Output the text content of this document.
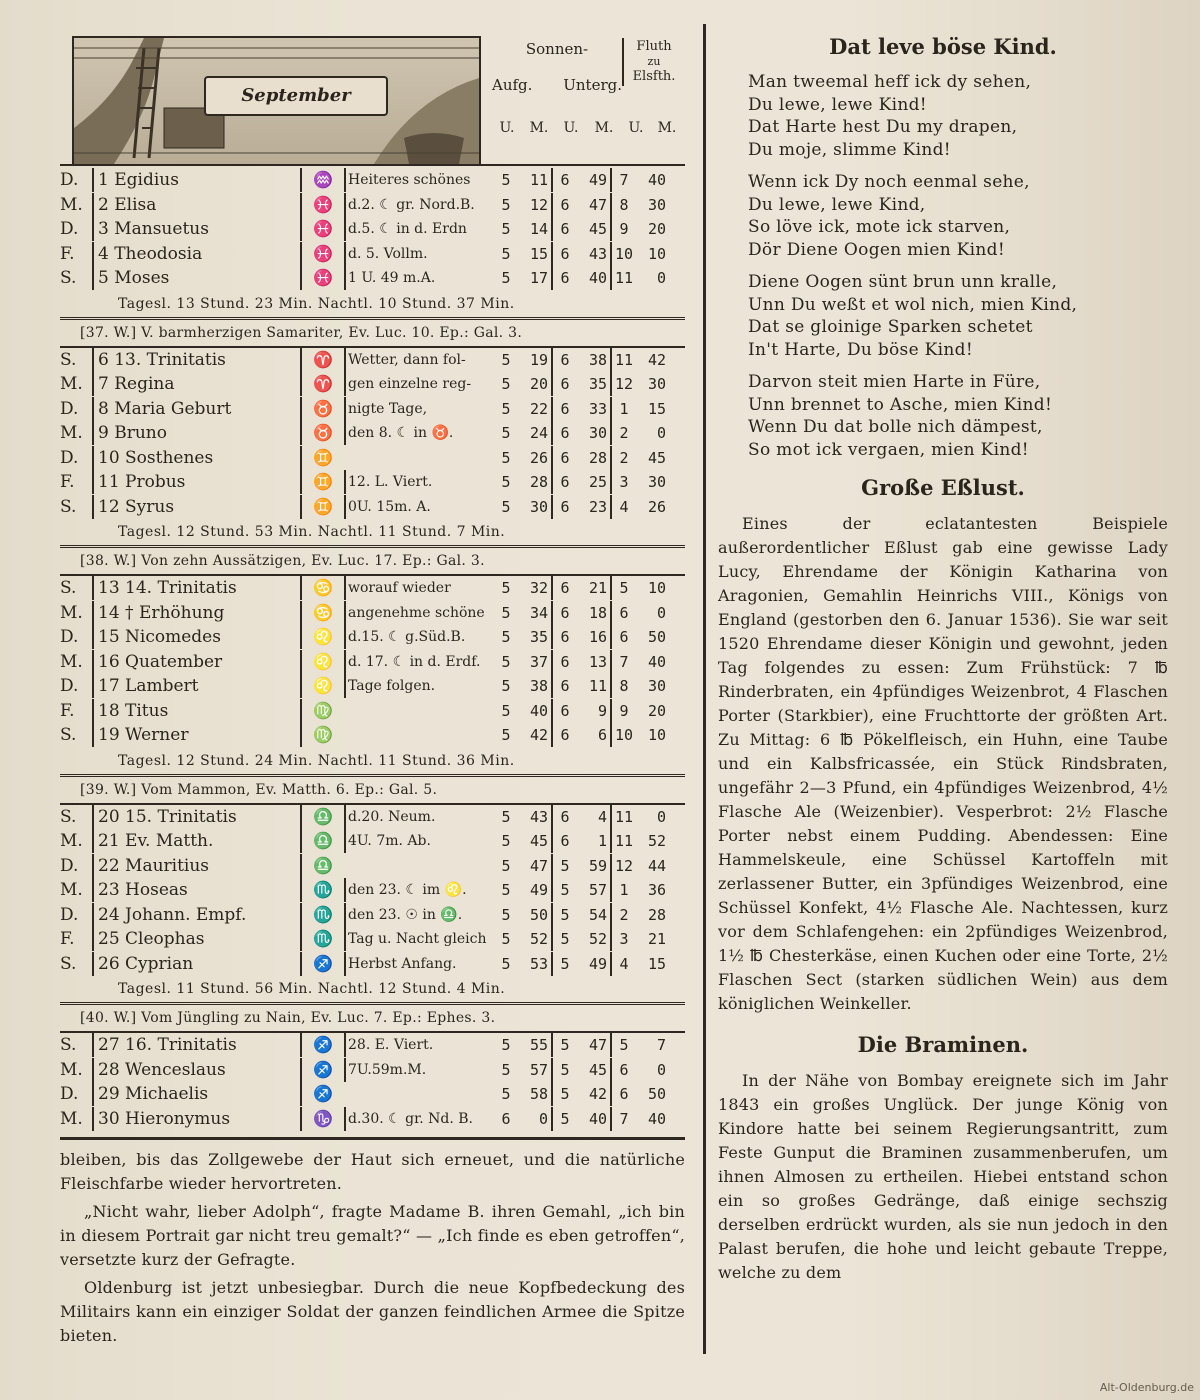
September
Sonnen-
Aufg. Unterg.
Fluth
zu
Elsfth.
U.	M.	U.	M.	U.	M.
D.	1 Egidius	♒	Heiteres schönes	5	11 6	49 7	40
M. 2 Elisa	♓	d.2. ☾ gr. Nord.B.	5	12 6	47 8	30
D.	3 Mansuetus	♓	d.5. ☾ in d. Erdn	5	14 6	45 9	20
F.	4 Theodosia	♓	d. 5. Vollm.	5	15 6	43 10 10
S.	5 Moses	♓	1 U. 49 m.A.	5	17 6	40 11	0
Tagesl. 13 Stund. 23 Min. Nachtl. 10 Stund. 37 Min.
[37. W.] V. barmherzigen Samariter, Ev. Luc. 10. Ep.: Gal. 3.
S.	6 13. Trinitatis	♈	Wetter, dann fol-	5	19 6	38 11 42
M. 7 Regina	♈	gen einzelne reg-	5	20 6	35 12 30
D.	8 Maria Geburt	♉	nigte Tage,	5	22 6	33 1	15
M. 9 Bruno	♉	den 8. ☾ in ♉.	5	24 6	30 2	0
D.	10 Sosthenes	♊	5	26 6	28 2	45
F.	11 Probus	♊	12. L. Viert.	5	28 6	25 3	30
S.	12 Syrus	♊	0U. 15m. A.	5	30 6	23 4	26
Tagesl. 12 Stund. 53 Min. Nachtl. 11 Stund. 7 Min.
[38. W.] Von zehn Aussätzigen, Ev. Luc. 17. Ep.: Gal. 3.
S.	13 14. Trinitatis	♋	worauf wieder	5	32 6	21 5	10
M. 14 † Erhöhung	♋	angenehme schöne	5	34 6	18 6	0
D.	15 Nicomedes	♌	d.15. ☾ g.Süd.B.	5	35 6	16 6	50
M. 16 Quatember	♌	d. 17. ☾ in d. Erdf.	5	37 6	13 7	40
D.	17 Lambert	♌	Tage folgen.	5	38 6	11 8	30
F.	18 Titus	♍	5	40 6	9 9	20
S.	19 Werner	♍	5	42 6	6 10 10
Tagesl. 12 Stund. 24 Min. Nachtl. 11 Stund. 36 Min.
[39. W.] Vom Mammon, Ev. Matth. 6. Ep.: Gal. 5.
S.	20 15. Trinitatis	♎	d.20. Neum.	5	43 6	4 11	0
M. 21 Ev. Matth.	♎	4U. 7m. Ab.	5	45 6	1 11 52
D.	22 Mauritius	♎	5	47 5	59 12 44
M. 23 Hoseas	♏	den 23. ☾ im ♌.	5	49 5	57 1	36
D.	24 Johann. Empf.	♏	den 23. ☉ in ♎.	5	50 5	54 2	28
F.	25 Cleophas	♏	Tag u. Nacht gleich 5	52 5	52 3	21
S.	26 Cyprian	♐	Herbst Anfang.	5	53 5	49 4	15
Tagesl. 11 Stund. 56 Min. Nachtl. 12 Stund. 4 Min.
[40. W.] Vom Jüngling zu Nain, Ev. Luc. 7. Ep.: Ephes. 3.
S.	27 16. Trinitatis	♐	28. E. Viert.	5	55 5	47 5	7
M. 28 Wenceslaus	♐	7U.59m.M.	5	57 5	45 6	0
D.	29 Michaelis	♐	5	58 5	42 6	50
M. 30 Hieronymus	♑	d.30. ☾ gr. Nd. B.	6	0 5	40 7	40

bleiben, bis das Zollgewebe der Haut sich erneuet, und die natürliche Fleischfarbe wieder hervortreten.

„Nicht wahr, lieber Adolph“, fragte Madame B. ihren Gemahl, „ich bin in diesem Portrait gar nicht treu gemalt?“ — „Ich finde es eben getroffen“, versetzte kurz der Gefragte.

Oldenburg ist jetzt unbesiegbar. Durch die neue Kopfbedeckung des Militairs kann ein einziger Soldat der ganzen feindlichen Armee die Spitze bieten.

Dat leve böse Kind.
Man tweemal heff ick dy sehen,
Du lewe, lewe Kind!
Dat Harte hest Du my drapen,
Du moje, slimme Kind!
Wenn ick Dy noch eenmal sehe,
Du lewe, lewe Kind,
So löve ick, mote ick starven,
Dör Diene Oogen mien Kind!
Diene Oogen sünt brun unn kralle,
Unn Du weßt et wol nich, mien Kind,
Dat se gloinige Sparken schetet
In't Harte, Du böse Kind!
Darvon steit mien Harte in Füre,
Unn brennet to Asche, mien Kind!
Wenn Du dat bolle nich dämpest,
So mot ick vergaen, mien Kind!
Große Eßlust.
Eines der eclatantesten Beispiele außerordentlicher Eßlust gab eine gewisse Lady Lucy, Ehrendame der Königin Katharina von Aragonien, Gemahlin Heinrichs VIII., Königs von England (gestorben den 6. Januar 1536). Sie war seit 1520 Ehrendame dieser Königin und gewohnt, jeden Tag folgendes zu essen: Zum Frühstück: 7 ℔ Rinderbraten, ein 4pfündiges Weizenbrot, 4 Flaschen Porter (Starkbier), eine Fruchttorte der größten Art. Zu Mittag: 6 ℔ Pökelfleisch, ein Huhn, eine Taube und ein Kalbsfricassée, ein Stück Rindsbraten, ungefähr 2—3 Pfund, ein 4pfündiges Weizenbrod, 4½ Flasche Ale (Weizenbier). Vesperbrot: 2½ Flasche Porter nebst einem Pudding. Abendessen: Eine Hammelskeule, eine Schüssel Kartoffeln mit zerlassener Butter, ein 3pfündiges Weizenbrod, eine Schüssel Konfekt, 4½ Flasche Ale. Nachtessen, kurz vor dem Schlafengehen: ein 2pfündiges Weizenbrod, 1½ ℔ Chesterkäse, einen Kuchen oder eine Torte, 2½ Flaschen Sect (starken südlichen Wein) aus dem königlichen Weinkeller.
Die Braminen.
In der Nähe von Bombay ereignete sich im Jahr 1843 ein großes Unglück. Der junge König von Kindore hatte bei seinem Regierungsantritt, zum Feste Gunput die Braminen zusammenberufen, um ihnen Almosen zu ertheilen. Hiebei entstand schon ein so großes Gedränge, daß einige sechszig derselben erdrückt wurden, als sie nun jedoch in den Palast berufen, die hohe und leicht gebaute Treppe, welche zu dem
Alt-Oldenburg.de
